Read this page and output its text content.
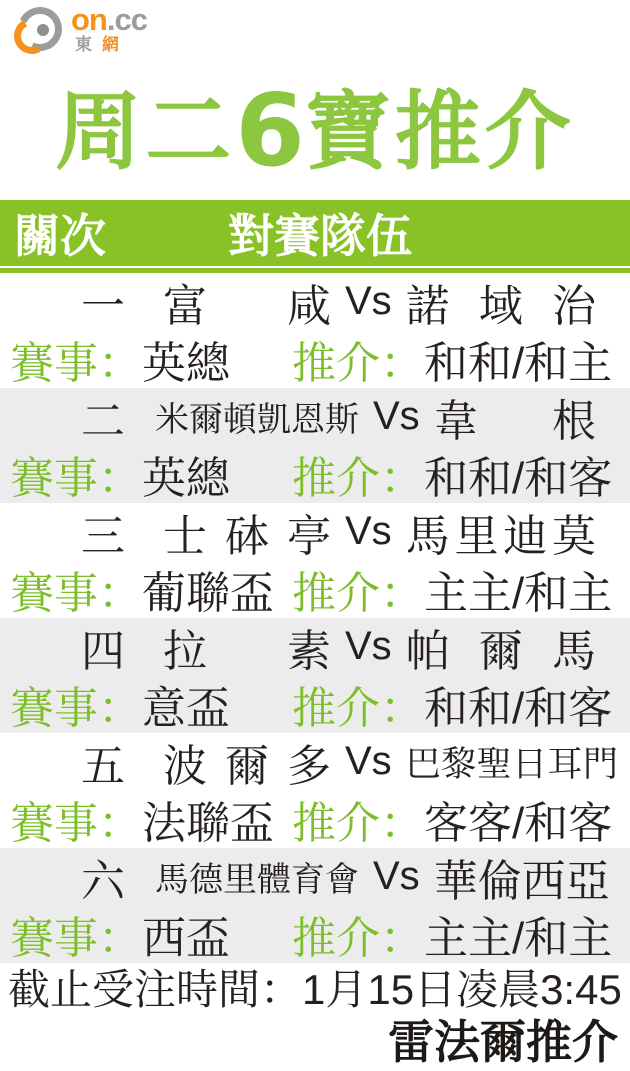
on.cc
東網
周二6寶推介
關次	對賽隊伍
一 富咸 Vs 諾域治
賽事： 英總 推介： 和和/和主
二 米爾頓凱恩斯 Vs 韋根
賽事： 英總 推介： 和和/和客
三 士砵亭 Vs 馬里迪莫
賽事： 葡聯盃 推介： 主主/和主
四 拉素 Vs 帕爾馬
賽事： 意盃 推介： 和和/和客
五 波爾多 Vs 巴黎聖日耳門
賽事： 法聯盃 推介： 客客/和客
六 馬德里體育會 Vs 華倫西亞
賽事： 西盃 推介： 主主/和主
截止受注時間：1月15日凌晨3:45
雷法爾推介
